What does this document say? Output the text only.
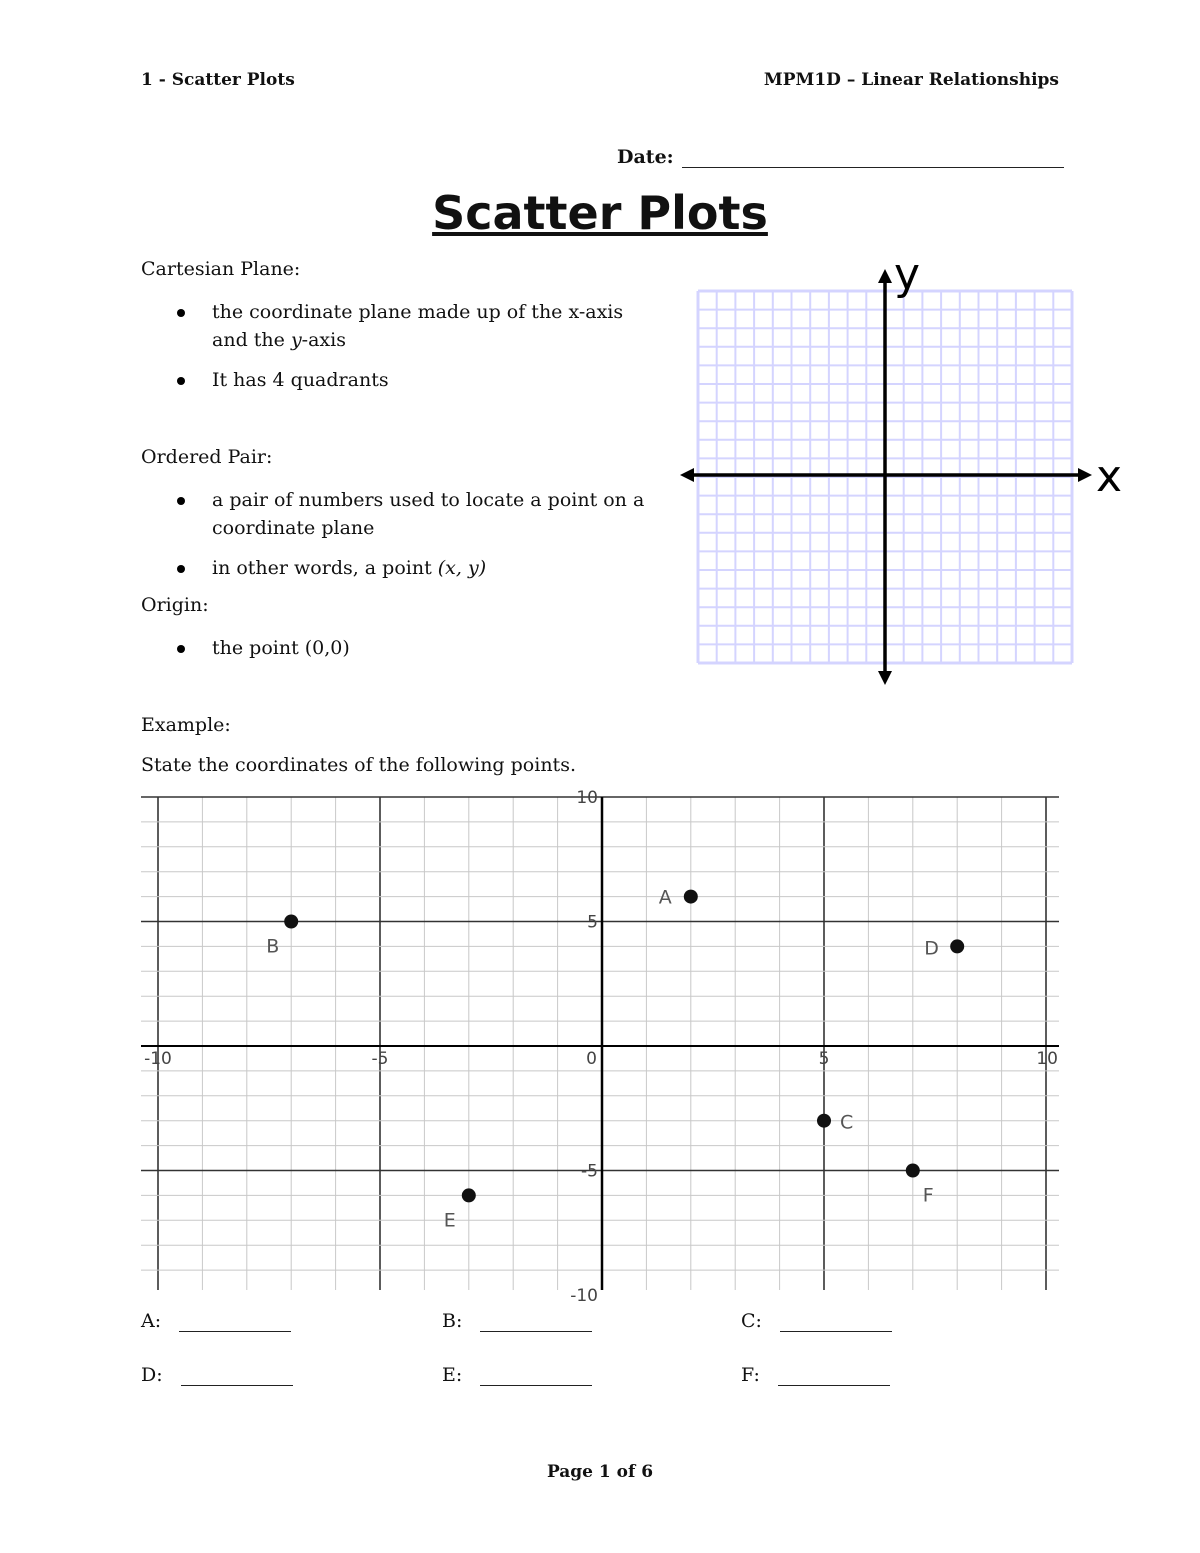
1 - Scatter Plots	MPM1D – Linear Relationships
Date:
Scatter Plots
Cartesian Plane:
the coordinate plane made up of the x-axis and the y-axis
It has 4 quadrants
Ordered Pair:
a pair of numbers used to locate a point on a coordinate plane
in other words, a point (x, y)
Origin:
the point (0,0)
y
x
Example:
State the coordinates of the following points.
-10	-5	0	5	10
10
5
-5
-10
A
B
C
D
E
F
A:	B:	C:
D:	E:	F:
Page 1 of 6
